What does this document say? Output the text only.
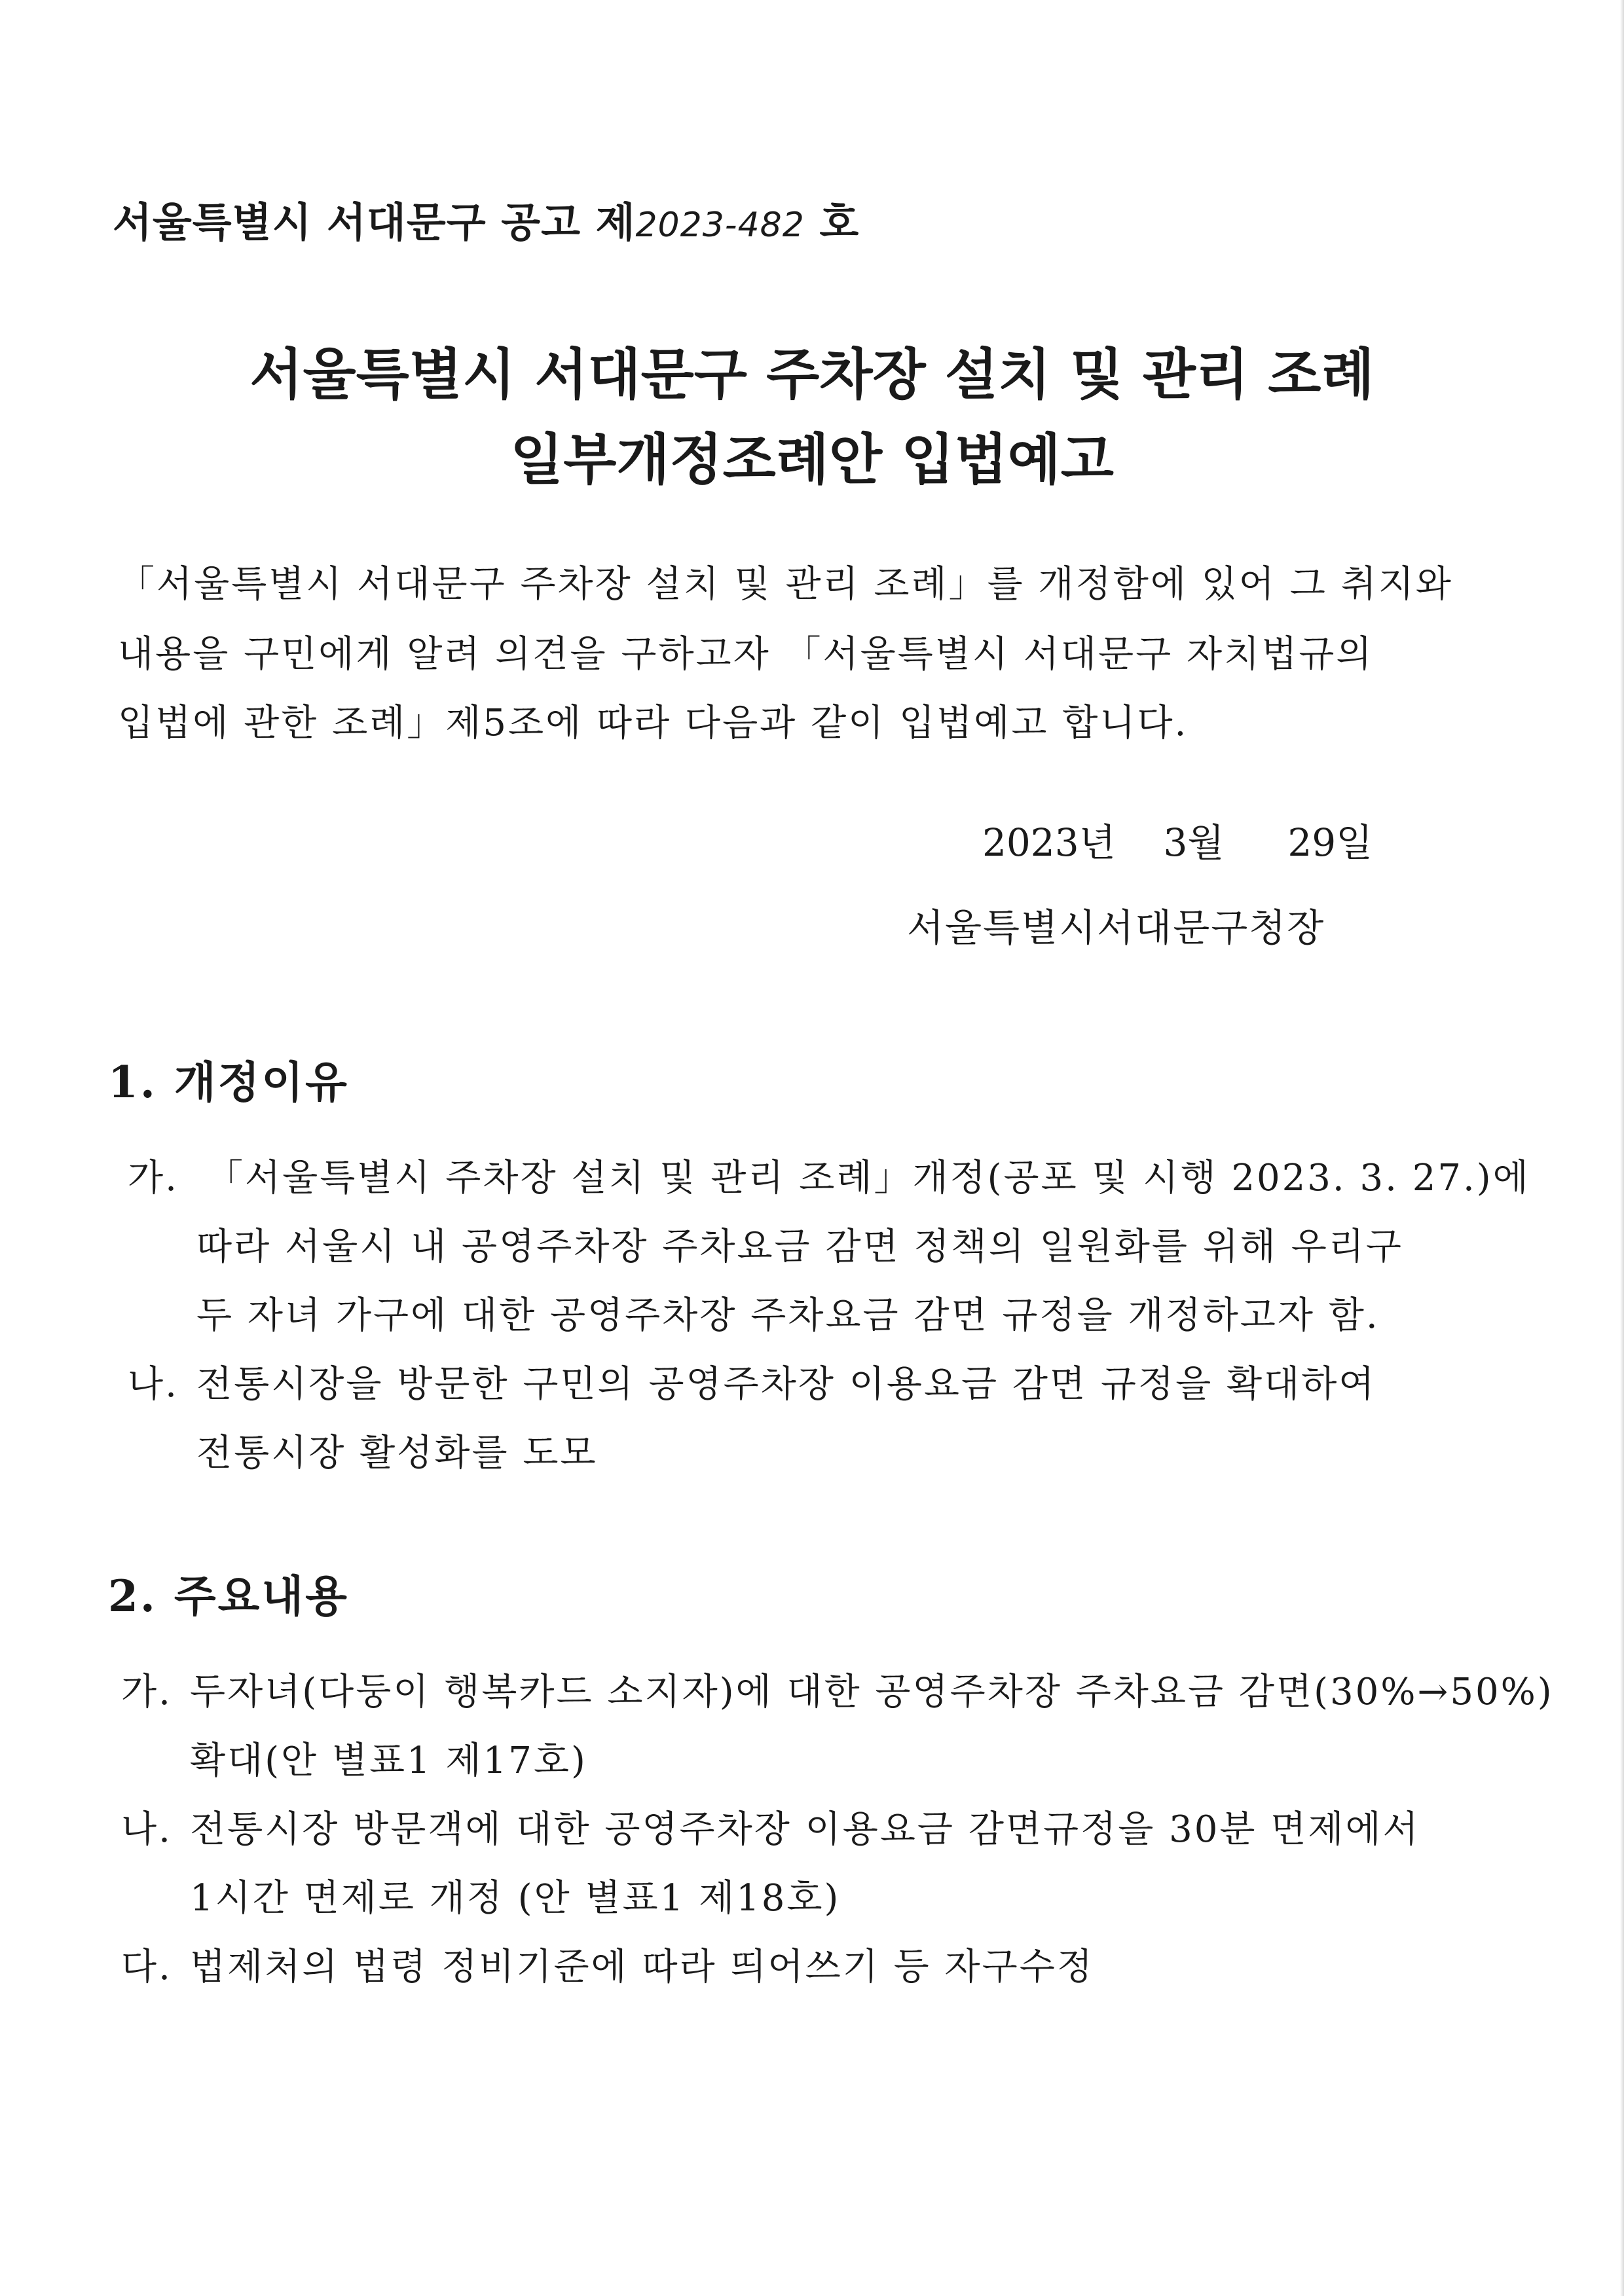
서울특별시 서대문구 공고 제2023-482 호
서울특별시 서대문구 주차장 설치 및 관리 조례
일부개정조례안 입법예고
「서울특별시 서대문구 주차장 설치 및 관리 조례」를 개정함에 있어 그 취지와
내용을 구민에게 알려 의견을 구하고자 「서울특별시 서대문구 자치법규의
입법에 관한 조례」제5조에 따라 다음과 같이 입법예고 합니다.
2023년 3월 29일
서울특별시서대문구청장
1. 개정이유
가. 「서울특별시 주차장 설치 및 관리 조례」개정(공포 및 시행 2023. 3. 27.)에
따라 서울시 내 공영주차장 주차요금 감면 정책의 일원화를 위해 우리구
두 자녀 가구에 대한 공영주차장 주차요금 감면 규정을 개정하고자 함.
나. 전통시장을 방문한 구민의 공영주차장 이용요금 감면 규정을 확대하여
전통시장 활성화를 도모
2. 주요내용
가. 두자녀(다둥이 행복카드 소지자)에 대한 공영주차장 주차요금 감면(30%→50%)
확대(안 별표1 제17호)
나. 전통시장 방문객에 대한 공영주차장 이용요금 감면규정을 30분 면제에서
1시간 면제로 개정 (안 별표1 제18호)
다. 법제처의 법령 정비기준에 따라 띄어쓰기 등 자구수정
